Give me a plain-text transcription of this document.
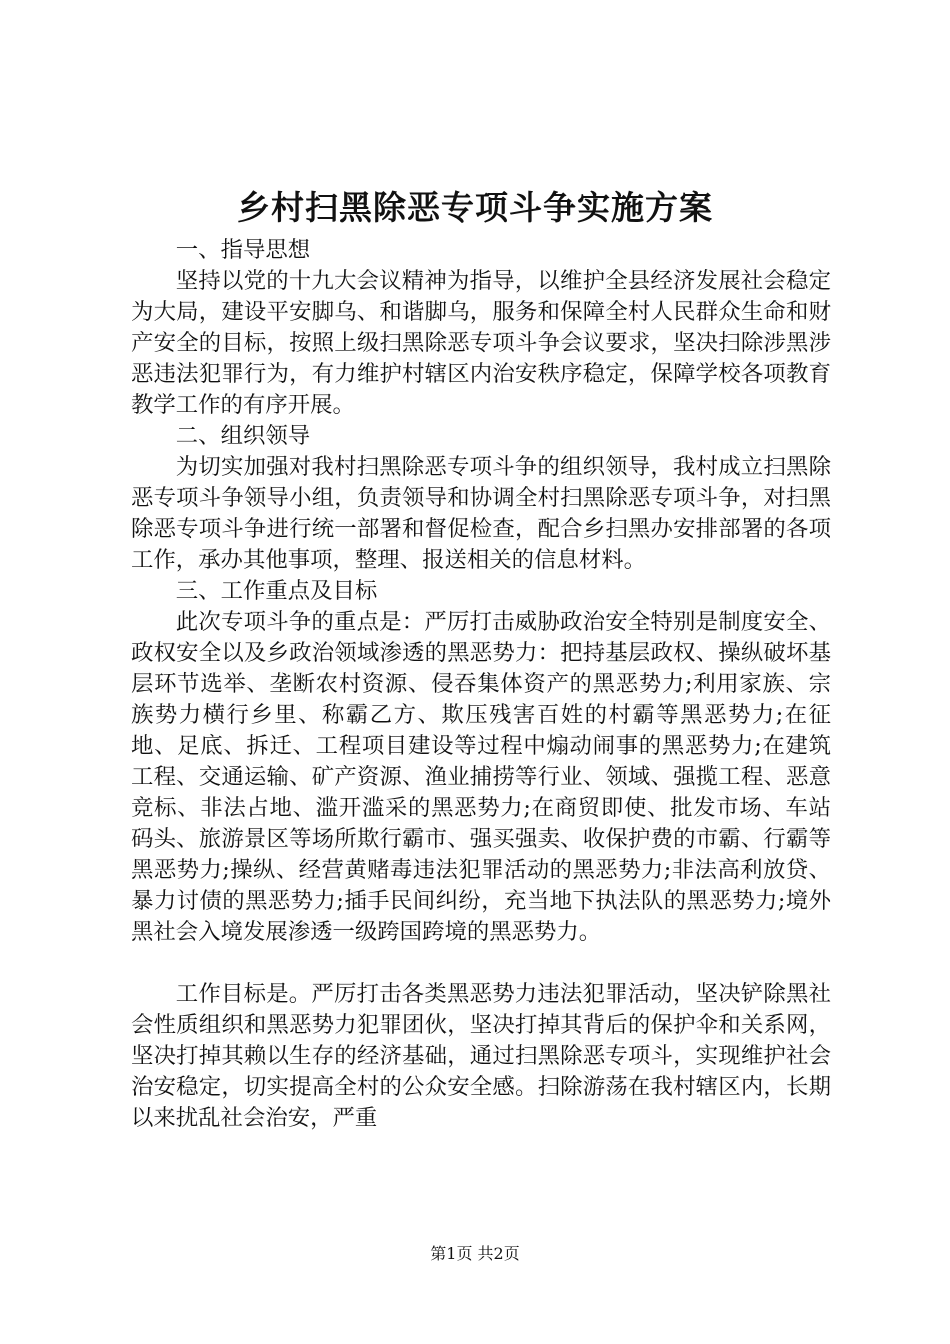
乡村扫黑除恶专项斗争实施方案

一、指导思想

坚持以党的十九大会议精神为指导，以维护全县经济发展社会稳定为大局，建设平安脚乌、和谐脚乌，服务和保障全村人民群众生命和财产安全的目标，按照上级扫黑除恶专项斗争会议要求，坚决扫除涉黑涉恶违法犯罪行为，有力维护村辖区内治安秩序稳定，保障学校各项教育教学工作的有序开展。

二、组织领导

为切实加强对我村扫黑除恶专项斗争的组织领导，我村成立扫黑除恶专项斗争领导小组，负责领导和协调全村扫黑除恶专项斗争，对扫黑除恶专项斗争进行统一部署和督促检查，配合乡扫黑办安排部署的各项工作，承办其他事项，整理、报送相关的信息材料。

三、工作重点及目标

此次专项斗争的重点是：严厉打击威胁政治安全特别是制度安全、政权安全以及乡政治领域渗透的黑恶势力：把持基层政权、操纵破坏基层环节选举、垄断农村资源、侵吞集体资产的黑恶势力;利用家族、宗族势力横行乡里、称霸乙方、欺压残害百姓的村霸等黑恶势力;在征地、足底、拆迁、工程项目建设等过程中煽动闹事的黑恶势力;在建筑工程、交通运输、矿产资源、渔业捕捞等行业、领域、强揽工程、恶意竞标、非法占地、滥开滥采的黑恶势力;在商贸即使、批发市场、车站码头、旅游景区等场所欺行霸市、强买强卖、收保护费的市霸、行霸等黑恶势力;操纵、经营黄赌毒违法犯罪活动的黑恶势力;非法高利放贷、暴力讨债的黑恶势力;插手民间纠纷，充当地下执法队的黑恶势力;境外黑社会入境发展渗透一级跨国跨境的黑恶势力。

工作目标是。严厉打击各类黑恶势力违法犯罪活动，坚决铲除黑社会性质组织和黑恶势力犯罪团伙，坚决打掉其背后的保护伞和关系网，坚决打掉其赖以生存的经济基础，通过扫黑除恶专项斗，实现维护社会治安稳定，切实提高全村的公众安全感。扫除游荡在我村辖区内，长期以来扰乱社会治安，严重

第1页 共2页
